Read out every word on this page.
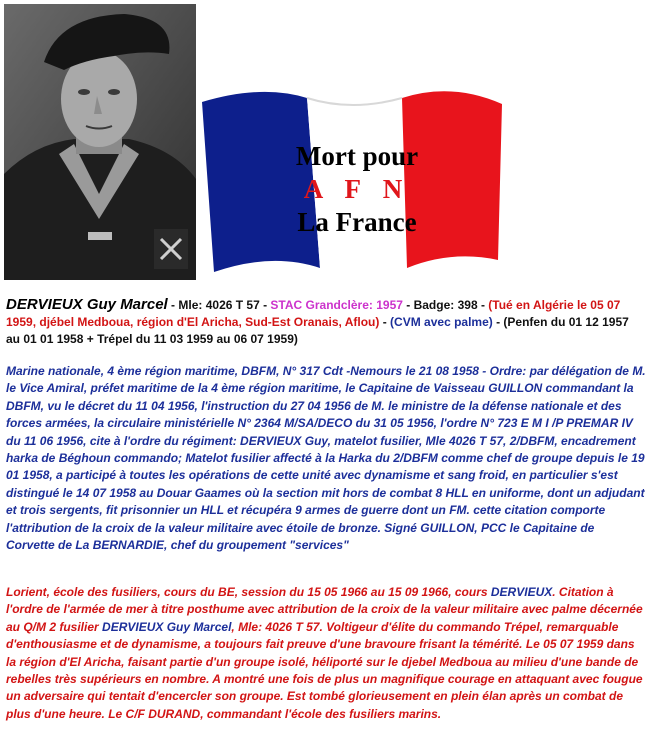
Mort pour
A F N
La France
DERVIEUX Guy Marcel - Mle: 4026 T 57 - STAC Grandclère: 1957 - Badge: 398 - (Tué en Algérie le 05 07 1959, djébel Medboua, région d'El Aricha, Sud-Est Oranais, Aflou) - (CVM avec palme) - (Penfen du 01 12 1957 au 01 01 1958 + Trépel du 11 03 1959 au 06 07 1959)
Marine nationale, 4 ème région maritime, DBFM, N° 317 Cdt -Nemours le 21 08 1958 - Ordre: par délégation de M. le Vice Amiral, préfet maritime de la 4 ème région maritime, le Capitaine de Vaisseau GUILLON commandant la DBFM, vu le décret du 11 04 1956, l'instruction du 27 04 1956 de M. le ministre de la défense nationale et des forces armées, la circulaire ministérielle N° 2364 M/SA/DECO du 31 05 1956, l'ordre N° 723 E M I /P PREMAR IV du 11 06 1956, cite à l'ordre du régiment: DERVIEUX Guy, matelot fusilier, Mle 4026 T 57, 2/DBFM, encadrement harka de Béghoun commando; Matelot fusilier affecté à la Harka du 2/DBFM comme chef de groupe depuis le 19 01 1958, a participé à toutes les opérations de cette unité avec dynamisme et sang froid, en particulier s'est distingué le 14 07 1958 au Douar Gaames où la section mit hors de combat 8 HLL en uniforme, dont un adjudant et trois sergents, fit prisonnier un HLL et récupéra 9 armes de guerre dont un FM. cette citation comporte l'attribution de la croix de la valeur militaire avec étoile de bronze. Signé GUILLON, PCC le Capitaine de Corvette de La BERNARDIE, chef du groupement "services"
Lorient, école des fusiliers, cours du BE, session du 15 05 1966 au 15 09 1966, cours DERVIEUX. Citation à l'ordre de l'armée de mer à titre posthume avec attribution de la croix de la valeur militaire avec palme décernée au Q/M 2 fusilier DERVIEUX Guy Marcel, Mle: 4026 T 57. Voltigeur d'élite du commando Trépel, remarquable d'enthousiasme et de dynamisme, a toujours fait preuve d'une bravoure frisant la témérité. Le 05 07 1959 dans la région d'El Aricha, faisant partie d'un groupe isolé, héliporté sur le djebel Medboua au milieu d'une bande de rebelles très supérieurs en nombre. A montré une fois de plus un magnifique courage en attaquant avec fougue un adversaire qui tentait d'encercler son groupe. Est tombé glorieusement en plein élan après un combat de plus d'une heure. Le C/F DURAND, commandant l'école des fusiliers marins.
